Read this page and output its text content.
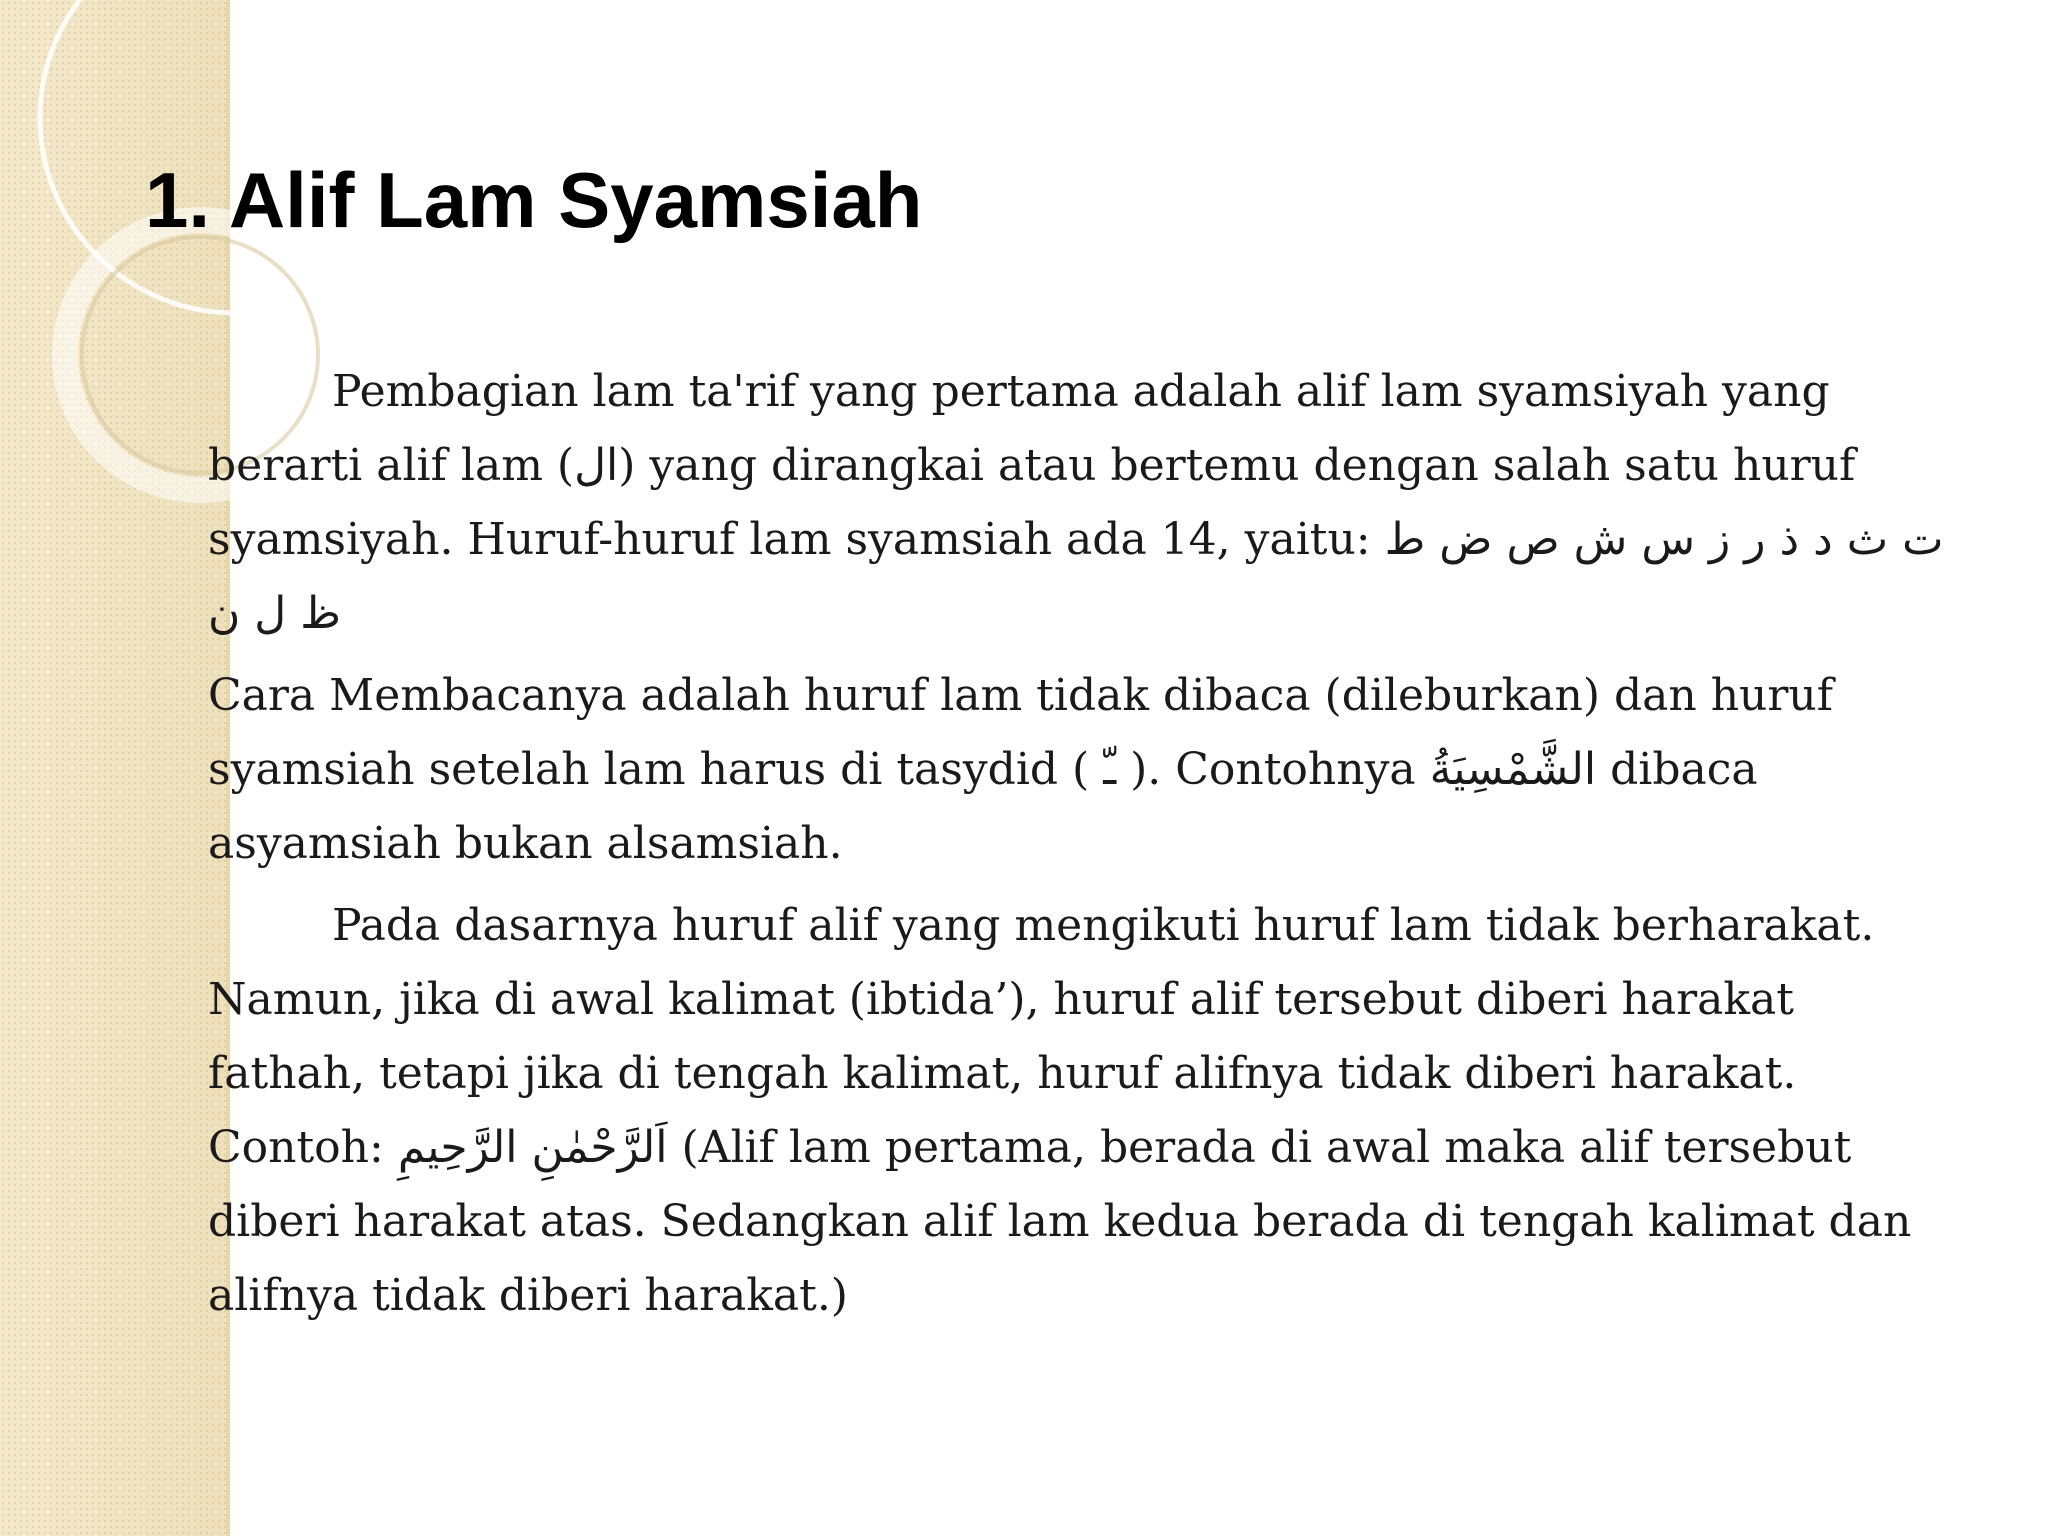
1. Alif Lam Syamsiah

Pembagian lam ta'rif yang pertama adalah alif lam syamsiyah yang berarti alif lam (ال) yang dirangkai atau bertemu dengan salah satu huruf syamsiyah. Huruf-huruf lam syamsiah ada 14, yaitu: ت ث د ذ ر ز س ش ص ض ط ظ ل ن

Cara Membacanya adalah huruf lam tidak dibaca (dileburkan) dan huruf syamsiah setelah lam harus di tasydid ( ـّ ). Contohnya الشَّمْسِيَةُ dibaca asyamsiah bukan alsamsiah.

Pada dasarnya huruf alif yang mengikuti huruf lam tidak berharakat. Namun, jika di awal kalimat (ibtida’), huruf alif tersebut diberi harakat fathah, tetapi jika di tengah kalimat, huruf alifnya tidak diberi harakat. Contoh: اَلرَّحْمٰنِ الرَّحِيمِ (Alif lam pertama, berada di awal maka alif tersebut diberi harakat atas. Sedangkan alif lam kedua berada di tengah kalimat dan alifnya tidak diberi harakat.)
